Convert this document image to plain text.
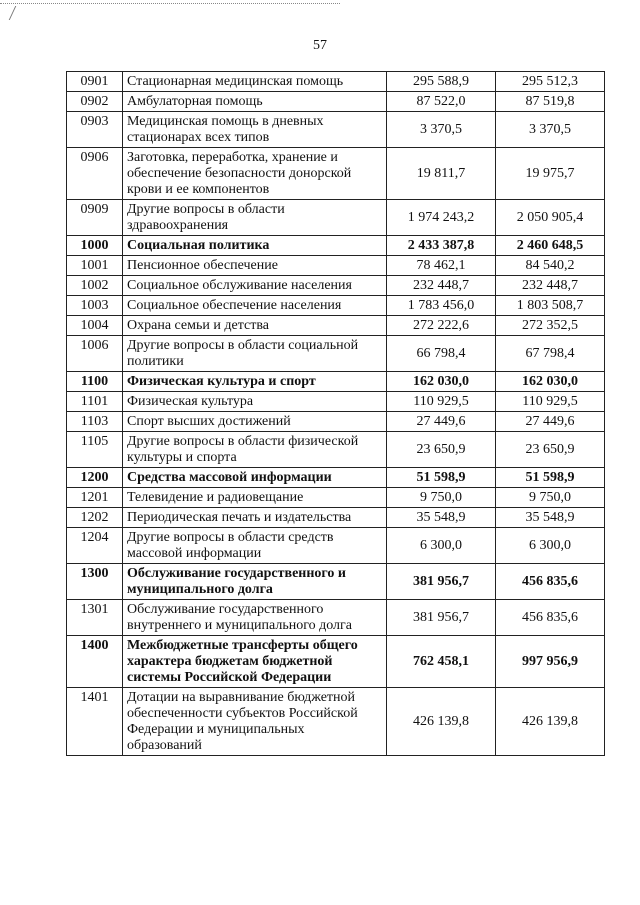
57
0901	Стационарная медицинская помощь	295 588,9	295 512,3
0902	Амбулаторная помощь	87 522,0	87 519,8
0903	Медицинская помощь в дневных стационарах всех типов	3 370,5	3 370,5
0906	Заготовка, переработка, хранение и обеспечение безопасности донорской крови и ее компонентов	19 811,7	19 975,7
0909	Другие вопросы в области здравоохранения	1 974 243,2	2 050 905,4
1000	Социальная политика	2 433 387,8	2 460 648,5
1001	Пенсионное обеспечение	78 462,1	84 540,2
1002	Социальное обслуживание населения	232 448,7	232 448,7
1003	Социальное обеспечение населения	1 783 456,0	1 803 508,7
1004	Охрана семьи и детства	272 222,6	272 352,5
1006	Другие вопросы в области социальной политики	66 798,4	67 798,4
1100	Физическая культура и спорт	162 030,0	162 030,0
1101	Физическая культура	110 929,5	110 929,5
1103	Спорт высших достижений	27 449,6	27 449,6
1105	Другие вопросы в области физической культуры и спорта	23 650,9	23 650,9
1200	Средства массовой информации	51 598,9	51 598,9
1201	Телевидение и радиовещание	9 750,0	9 750,0
1202	Периодическая печать и издательства	35 548,9	35 548,9
1204	Другие вопросы в области средств массовой информации	6 300,0	6 300,0
1300	Обслуживание государственного и муниципального долга	381 956,7	456 835,6
1301	Обслуживание государственного внутреннего и муниципального долга	381 956,7	456 835,6
1400	Межбюджетные трансферты общего характера бюджетам бюджетной системы Российской Федерации	762 458,1	997 956,9
1401	Дотации на выравнивание бюджетной обеспеченности субъектов Российской Федерации и муниципальных образований	426 139,8	426 139,8
